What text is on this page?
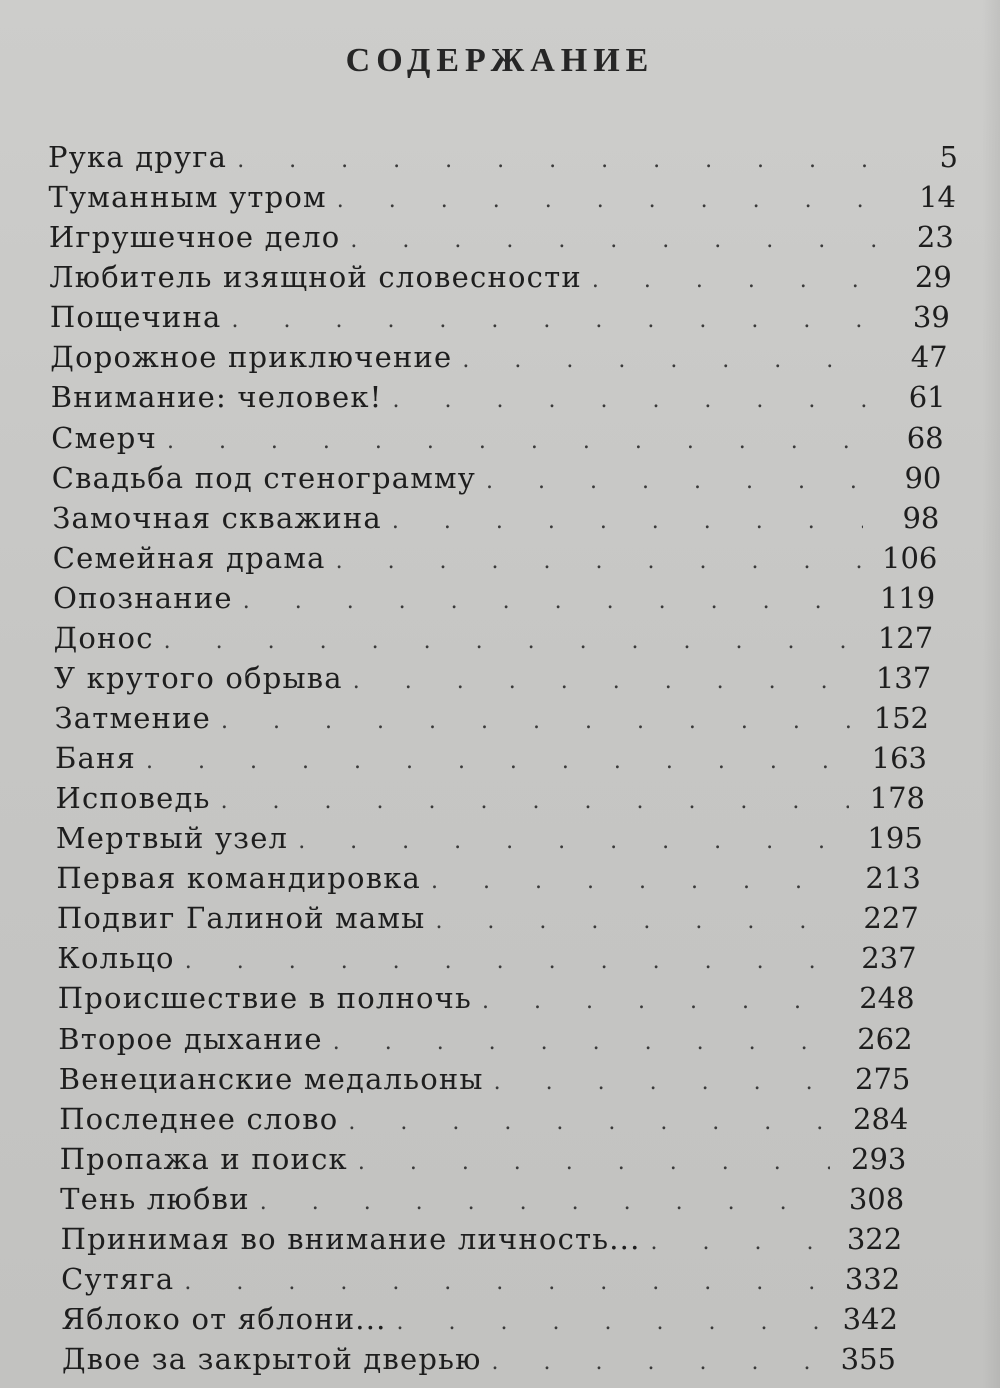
СОДЕРЖАНИЕ
Рука друга . . .	5
Туманным утром . . .	14
Игрушечное дело . . .	23
Любитель изящной словесности . . .	29
Пощечина . . .	39
Дорожное приключение . . .	47
Внимание: человек! . . .	61
Смерч . . .	68
Свадьба под стенограмму . . .	90
Замочная скважина . . .	98
Семейная драма . . .	106
Опознание . . .	119
Донос . . .	127
У крутого обрыва . . .	137
Затмение . . .	152
Баня . . .	163
Исповедь . . .	178
Мертвый узел . . .	195
Первая командировка . . .	213
Подвиг Галиной мамы . . .	227
Кольцо . . .	237
Происшествие в полночь . . .	248
Второе дыхание . . .	262
Венецианские медальоны . . .	275
Последнее слово . . .	284
Пропажа и поиск . . .	293
Тень любви . . .	308
Принимая во внимание личность... . . .	322
Сутяга . . .	332
Яблоко от яблони... . . .	342
Двое за закрытой дверью . . .	355
